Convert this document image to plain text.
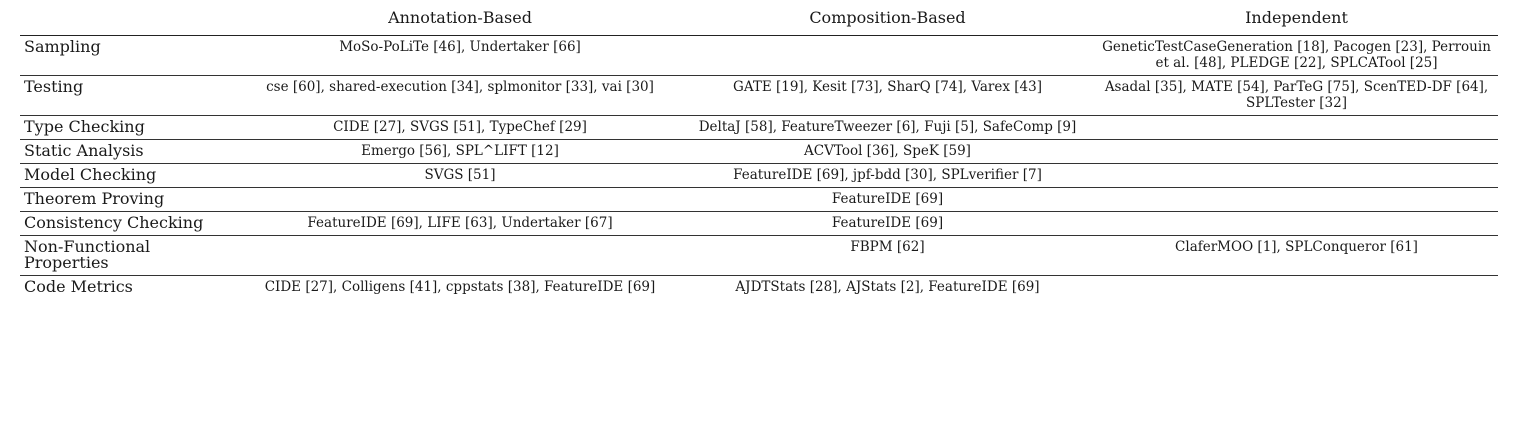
	Annotation-Based	Composition-Based	Independent
Sampling	MoSo-PoLiTe [46], Undertaker [66]		GeneticTestCaseGeneration [18], Pacogen [23], Perrouin et al. [48], PLEDGE [22], SPLCATool [25]
Testing	cse [60], shared-execution [34], splmonitor [33], vai [30]	GATE [19], Kesit [73], SharQ [74], Varex [43]	Asadal [35], MATE [54], ParTeG [75], ScenTED-DF [64], SPLTester [32]
Type Checking	CIDE [27], SVGS [51], TypeChef [29]	DeltaJ [58], FeatureTweezer [6], Fuji [5], SafeComp [9]	
Static Analysis	Emergo [56], SPL^LIFT [12]	ACVTool [36], SpeK [59]	
Model Checking	SVGS [51]	FeatureIDE [69], jpf-bdd [30], SPLverifier [7]	
Theorem Proving		FeatureIDE [69]	
Consistency Checking	FeatureIDE [69], LIFE [63], Undertaker [67]	FeatureIDE [69]	
Non-Functional Properties		FBPM [62]	ClaferMOO [1], SPLConqueror [61]
Code Metrics	CIDE [27], Colligens [41], cppstats [38], FeatureIDE [69]	AJDTStats [28], AJStats [2], FeatureIDE [69]	
